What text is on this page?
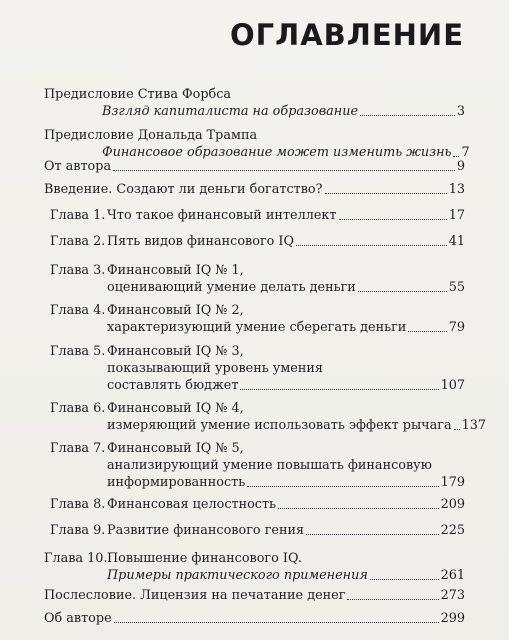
ОГЛАВЛЕНИЕ
Предисловие Стива Форбса
Взгляд капиталиста на образование	3
Предисловие Дональда Трампа
Финансовое образование может изменить жизнь 7
От автора	9
Введение. Создают ли деньги богатство?	13
Глава 1. Что такое финансовый интеллект	17
Глава 2. Пять видов финансового IQ	41
Глава 3. Финансовый IQ № 1,
оценивающий умение делать деньги	55
Глава 4. Финансовый IQ № 2,
характеризующий умение сберегать деньги	79
Глава 5. Финансовый IQ № 3,
показывающий уровень умения
составлять бюджет	107
Глава 6. Финансовый IQ № 4,
измеряющий умение использовать эффект рычага 137
Глава 7. Финансовый IQ № 5,
анализирующий умение повышать финансовую
информированность	179
Глава 8. Финансовая целостность	209
Глава 9. Развитие финансового гения	225
Глава 10. Повышение финансового IQ.
Примеры практического применения	261
Послесловие. Лицензия на печатание денег	273
Об авторе	299
